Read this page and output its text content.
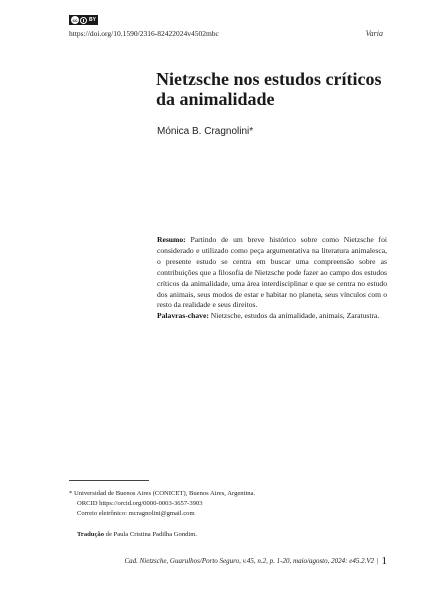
cc	BY
https://doi.org/10.1590/2316-82422024v4502mbc	Varia
Nietzsche nos estudos críticos da animalidade
Mónica B. Cragnolini*

Resumo: Partindo de um breve histórico sobre como Nietzsche foi considerado e utilizado como peça argumentativa na literatura animalesca, o presente estudo se centra em buscar uma compreensão sobre as contribuições que a filosofia de Nietzsche pode fazer ao campo dos estudos críticos da animalidade, uma área interdisciplinar e que se centra no estudo dos animais, seus modos de estar e habitar no planeta, seus vínculos com o resto da realidade e seus direitos.

Palavras-chave: Nietzsche, estudos da animalidade, animais, Zaratustra.

* Universidad de Buenos Aires (CONICET), Buenos Aires, Argentina.
ORCID https://orcid.org/0000-0003-3657-3903
Correio eletrônico: mcragnolini@gmail.com
Tradução de Paula Cristina Padilha Gondim.
Cad. Nietzsche, Guarulhos/Porto Seguro, v.45, n.2, p. 1-20, maio/agosto, 2024: e45.2.V2 | 1
